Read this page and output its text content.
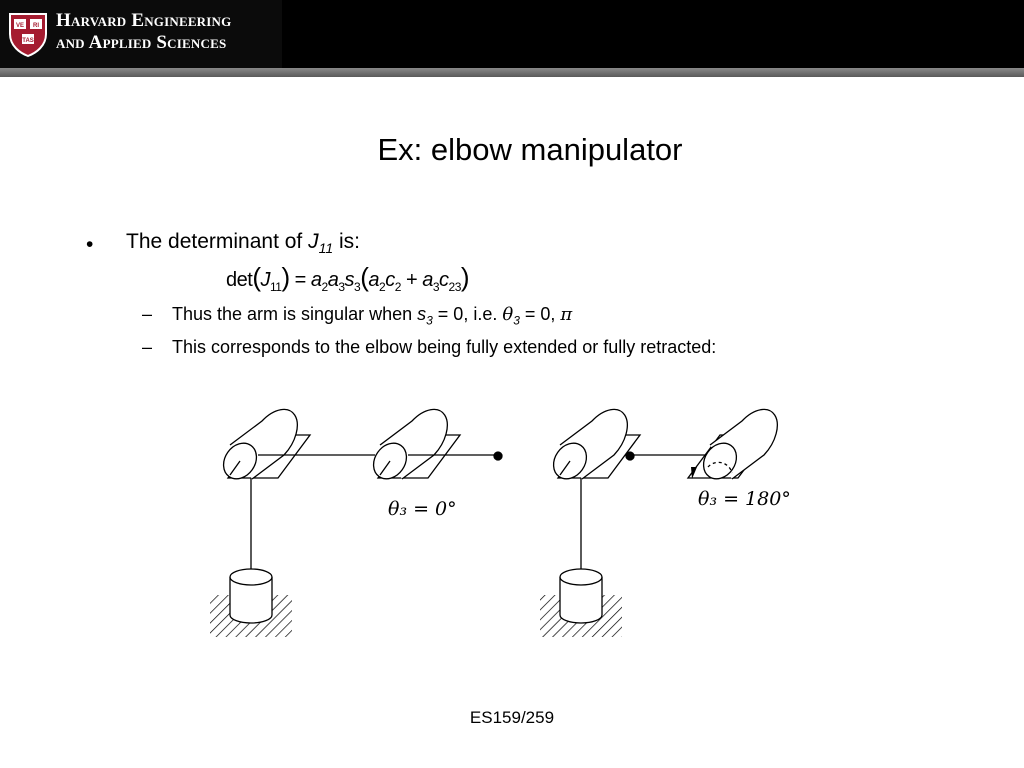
VE RI
TAS
Harvard Engineering
and Applied Sciences
Ex: elbow manipulator
• The determinant of $J_{11}$ is:
$\det(J_{11}) = a_2a_3s_3(a_2c_2 + a_3c_{23})$
– Thus the arm is singular when $s_3 = 0$, i.e. $\theta_3 = 0$, π
– This corresponds to the elbow being fully extended or fully retracted:
θ₃ = 0°	θ₃ = 180°
ES159/259
